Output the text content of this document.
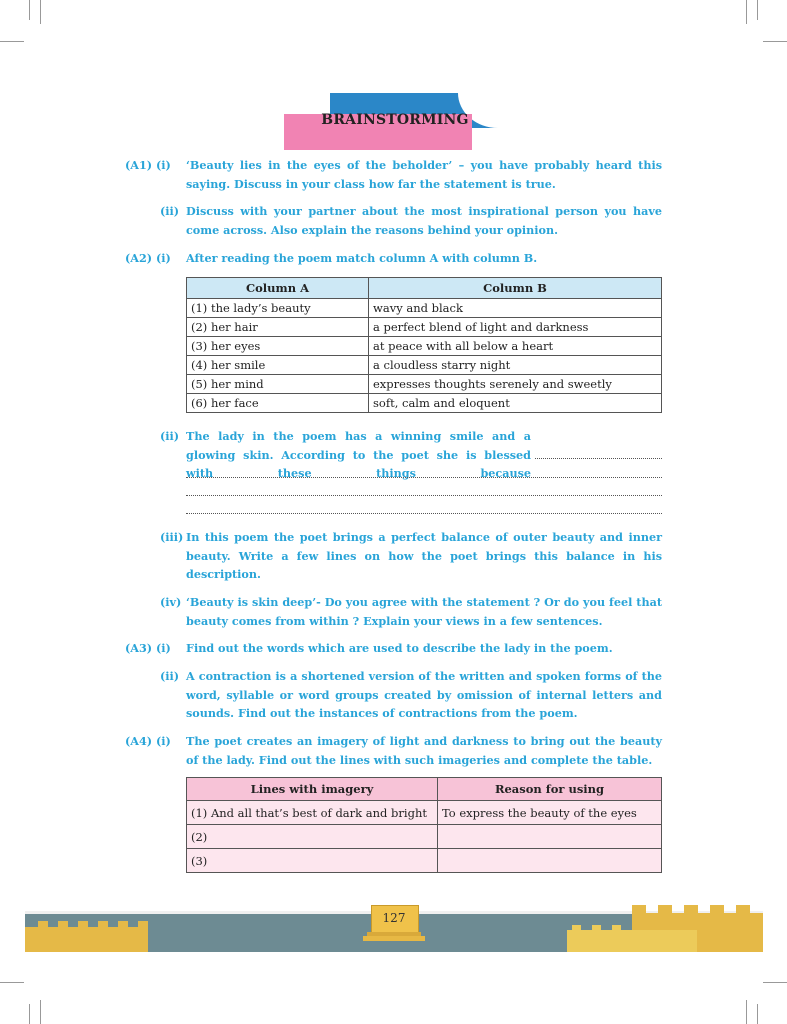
BRAINSTORMING
(A1) (i) ‘Beauty lies in the eyes of the beholder’ – you have probably heard this saying. Discuss in your class how far the statement is true.
(ii) Discuss with your partner about the most inspirational person you have come across. Also explain the reasons behind your opinion.
(A2) (i) After reading the poem match column A with column B.
Column A	Column B
(1) the lady’s beauty	wavy and black
(2) her hair	a perfect blend of light and darkness
(3) her eyes	at peace with all below a heart
(4) her smile	a cloudless starry night
(5) her mind	expresses thoughts serenely and sweetly
(6) her face	soft, calm and eloquent
(ii) The lady in the poem has a winning smile and a glowing skin. According to the poet she is blessed with these things because
(iii) In this poem the poet brings a perfect balance of outer beauty and inner beauty. Write a few lines on how the poet brings this balance in his description.
(iv) ‘Beauty is skin deep’- Do you agree with the statement ? Or do you feel that beauty comes from within ? Explain your views in a few sentences.
(A3) (i) Find out the words which are used to describe the lady in the poem.
(ii) A contraction is a shortened version of the written and spoken forms of the word, syllable or word groups created by omission of internal letters and sounds. Find out the instances of contractions from the poem.
(A4) (i) The poet creates an imagery of light and darkness to bring out the beauty of the lady. Find out the lines with such imageries and complete the table.
Lines with imagery	Reason for using
(1) And all that’s best of dark and bright	To express the beauty of the eyes
(2)	
(3)	
127
